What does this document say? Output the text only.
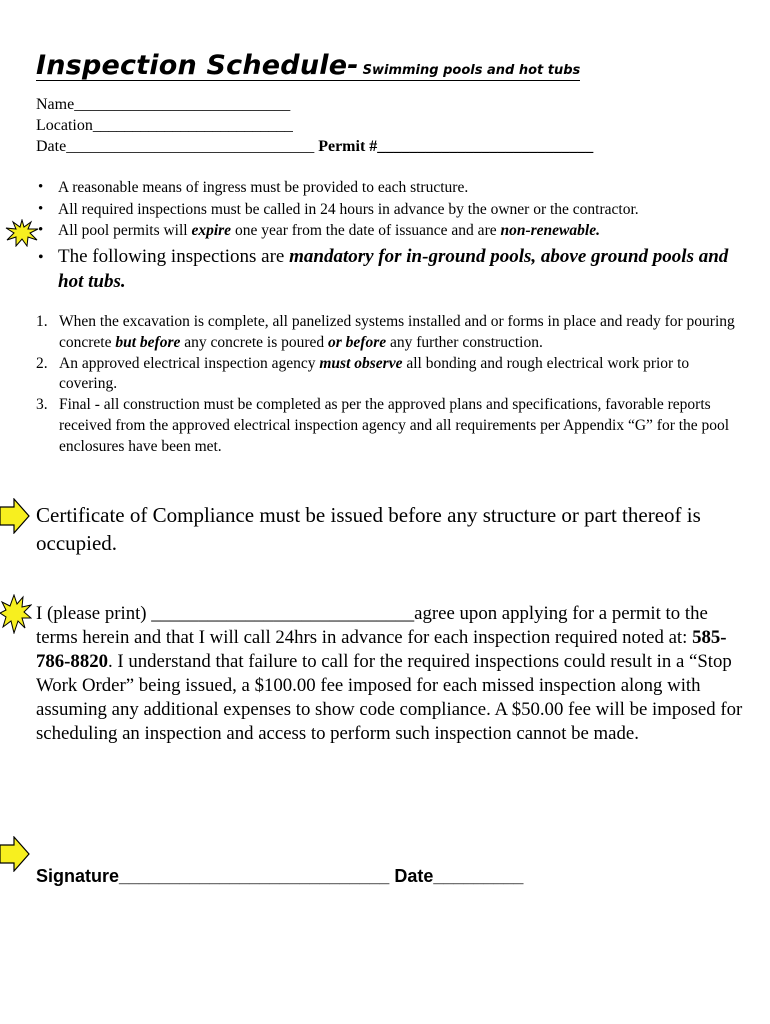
Inspection Schedule- Swimming pools and hot tubs
Name___________________________
Location_________________________
Date_______________________________ Permit #___________________________
• A reasonable means of ingress must be provided to each structure.
• All required inspections must be called in 24 hours in advance by the owner or the contractor.
• All pool permits will expire one year from the date of issuance and are non-renewable.
• The following inspections are mandatory for in-ground pools, above ground pools and hot tubs.
1. When the excavation is complete, all panelized systems installed and or forms in place and ready for pouring concrete but before any concrete is poured or before any further construction.
2. An approved electrical inspection agency must observe all bonding and rough electrical work prior to covering.
3. Final - all construction must be completed as per the approved plans and specifications, favorable reports received from the approved electrical inspection agency and all requirements per Appendix “G” for the pool enclosures have been met.
Certificate of Compliance must be issued before any structure or part thereof is occupied.
I (please print) ____________________________agree upon applying for a permit to the terms herein and that I will call 24hrs in advance for each inspection required noted at: 585-786-8820. I understand that failure to call for the required inspections could result in a “Stop Work Order” being issued, a $100.00 fee imposed for each missed inspection along with assuming any additional expenses to show code compliance. A $50.00 fee will be imposed for scheduling an inspection and access to perform such inspection cannot be made.
Signature___________________________ Date_________
